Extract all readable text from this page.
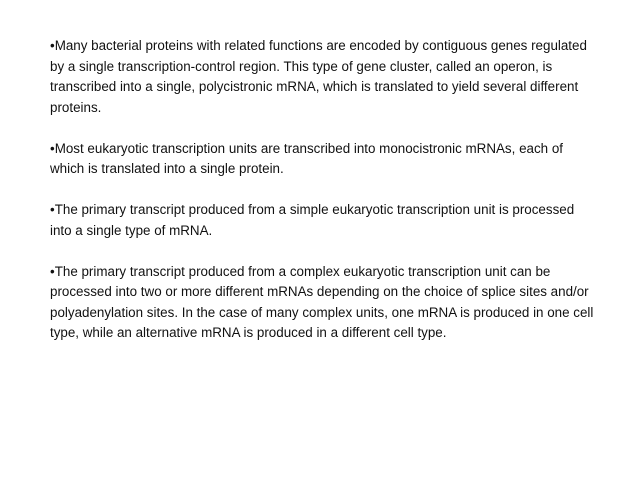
•Many bacterial proteins with related functions are encoded by contiguous genes regulated by a single transcription-control region. This type of gene cluster, called an operon, is transcribed into a single, polycistronic mRNA, which is translated to yield several different proteins.

•Most eukaryotic transcription units are transcribed into monocistronic mRNAs, each of which is translated into a single protein.

•The primary transcript produced from a simple eukaryotic transcription unit is processed into a single type of mRNA.

•The primary transcript produced from a complex eukaryotic transcription unit can be processed into two or more different mRNAs depending on the choice of splice sites and/or polyadenylation sites. In the case of many complex units, one mRNA is produced in one cell type, while an alternative mRNA is produced in a different cell type.
